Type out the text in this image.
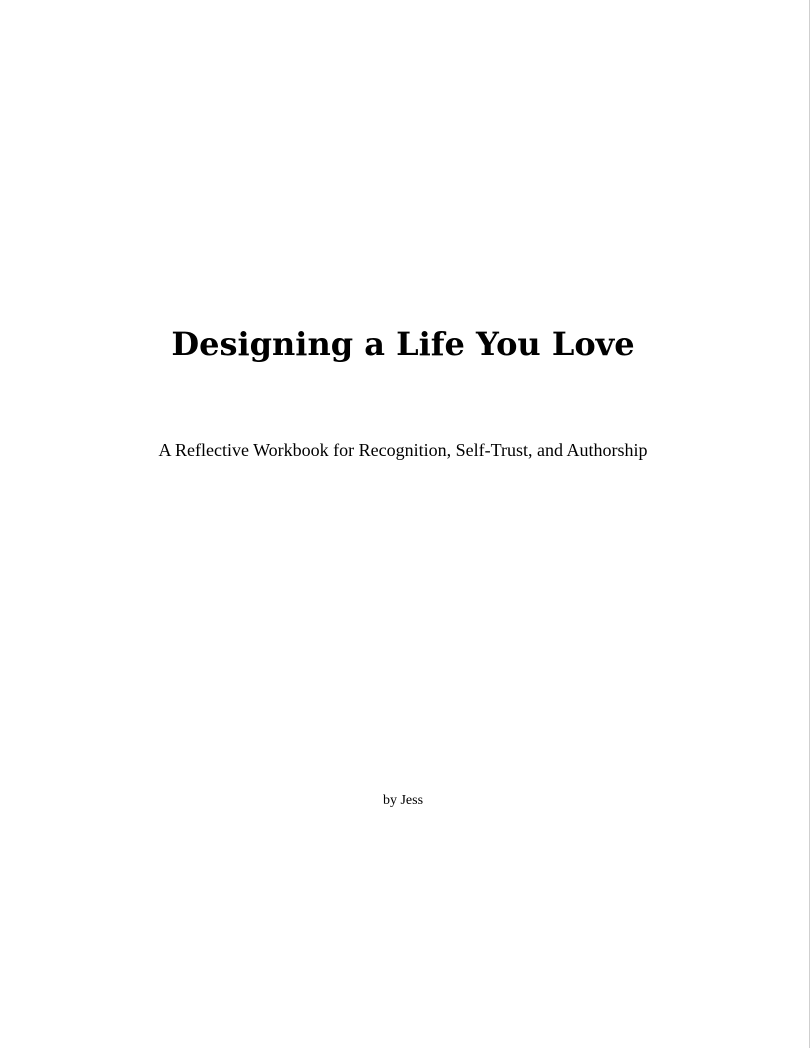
Designing a Life You Love

A Reflective Workbook for Recognition, Self-Trust, and Authorship

by Jess
